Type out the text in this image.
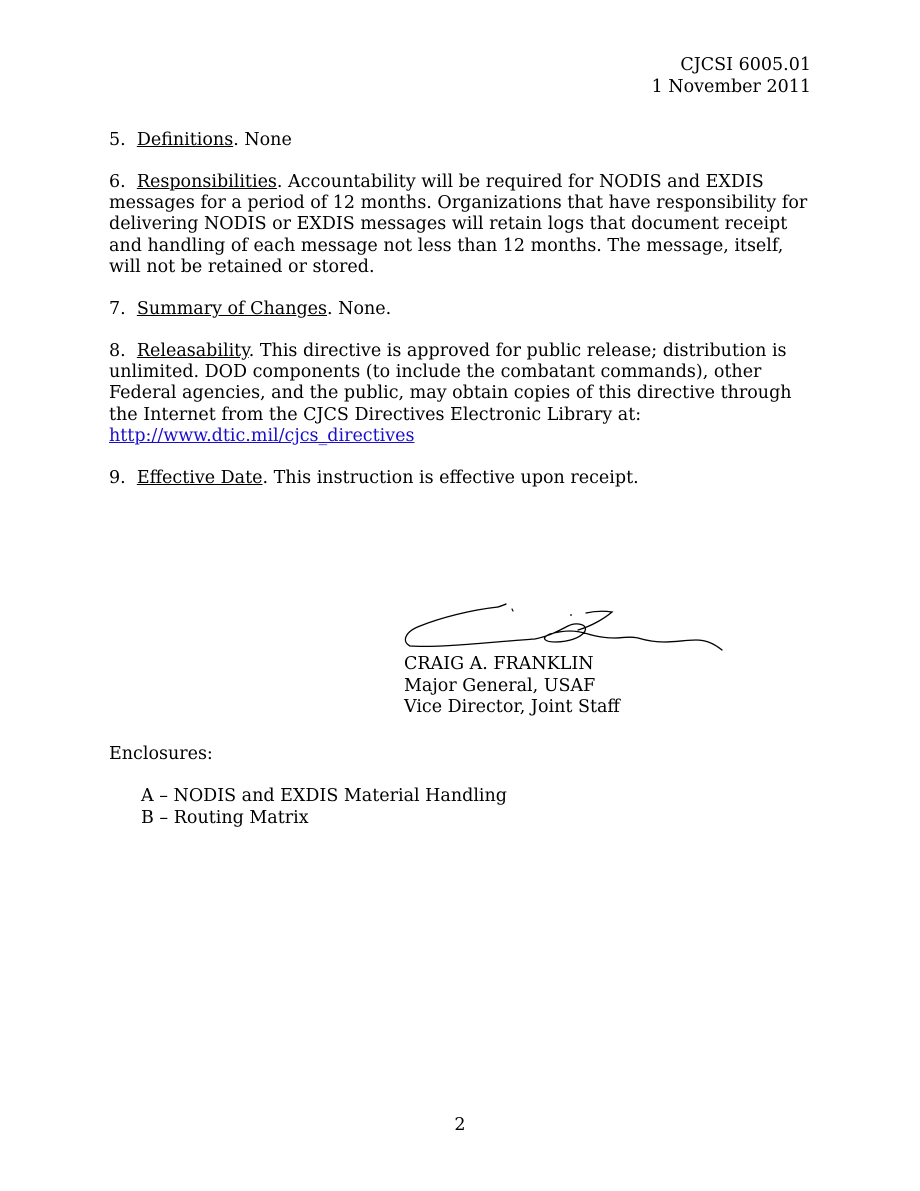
CJCSI 6005.01
1 November 2011
5. Definitions. None
6. Responsibilities. Accountability will be required for NODIS and EXDIS messages for a period of 12 months. Organizations that have responsibility for delivering NODIS or EXDIS messages will retain logs that document receipt and handling of each message not less than 12 months. The message, itself, will not be retained or stored.
7. Summary of Changes. None.
8. Releasability. This directive is approved for public release; distribution is unlimited. DOD components (to include the combatant commands), other Federal agencies, and the public, may obtain copies of this directive through the Internet from the CJCS Directives Electronic Library at:
http://www.dtic.mil/cjcs_directives
9. Effective Date. This instruction is effective upon receipt.
CRAIG A. FRANKLIN
Major General, USAF
Vice Director, Joint Staff
Enclosures:
A – NODIS and EXDIS Material Handling
B – Routing Matrix
2
